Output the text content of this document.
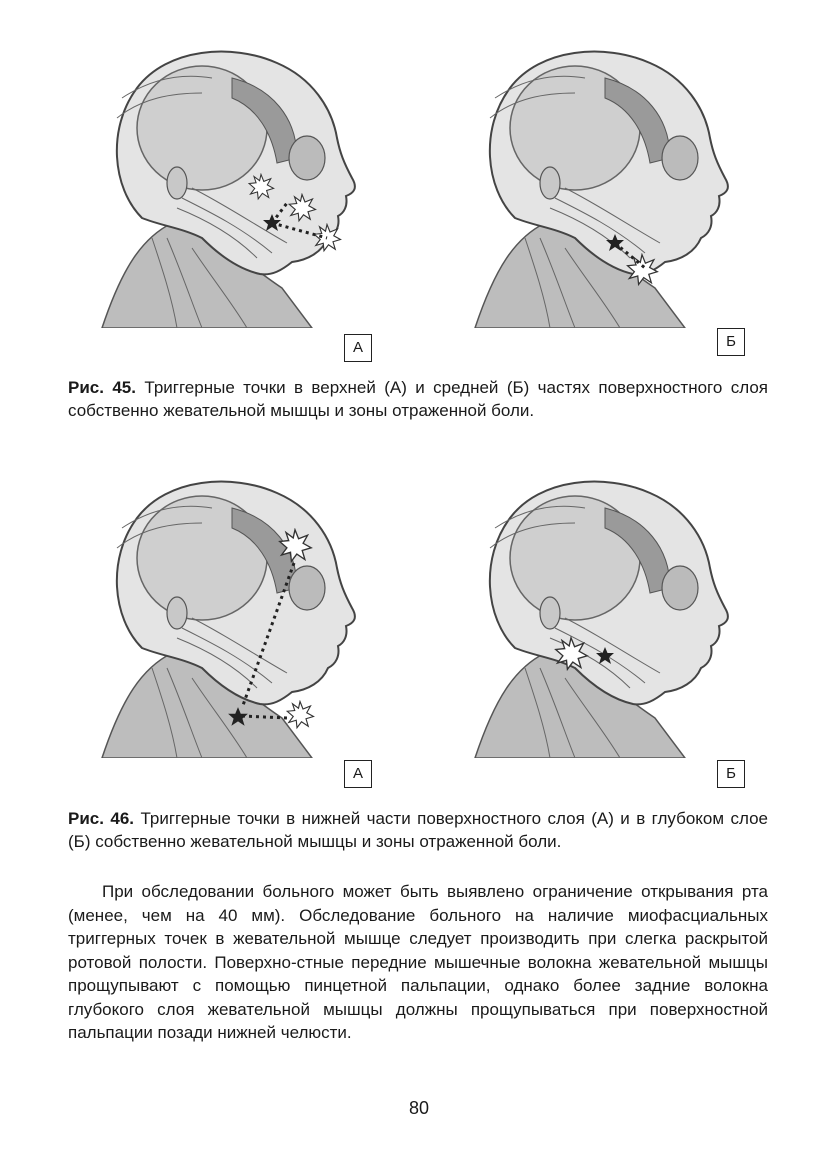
А	Б
Рис. 45. Триггерные точки в верхней (А) и средней (Б) частях поверхностного слоя собственно жевательной мышцы и зоны отраженной боли.
А	Б
Рис. 46. Триггерные точки в нижней части поверхностного слоя (А) и в глубоком слое (Б) собственно жевательной мышцы и зоны отраженной боли.

При обследовании больного может быть выявлено ограничение открывания рта (менее, чем на 40 мм). Обследование больного на наличие миофасциальных триггерных точек в жевательной мышце следует производить при слегка раскрытой ротовой полости. Поверхно-стные передние мышечные волокна жевательной мышцы прощупывают с помощью пинцетной пальпации, однако более задние волокна глубокого слоя жевательной мышцы должны прощупываться при поверхностной пальпации позади нижней челюсти.

80
